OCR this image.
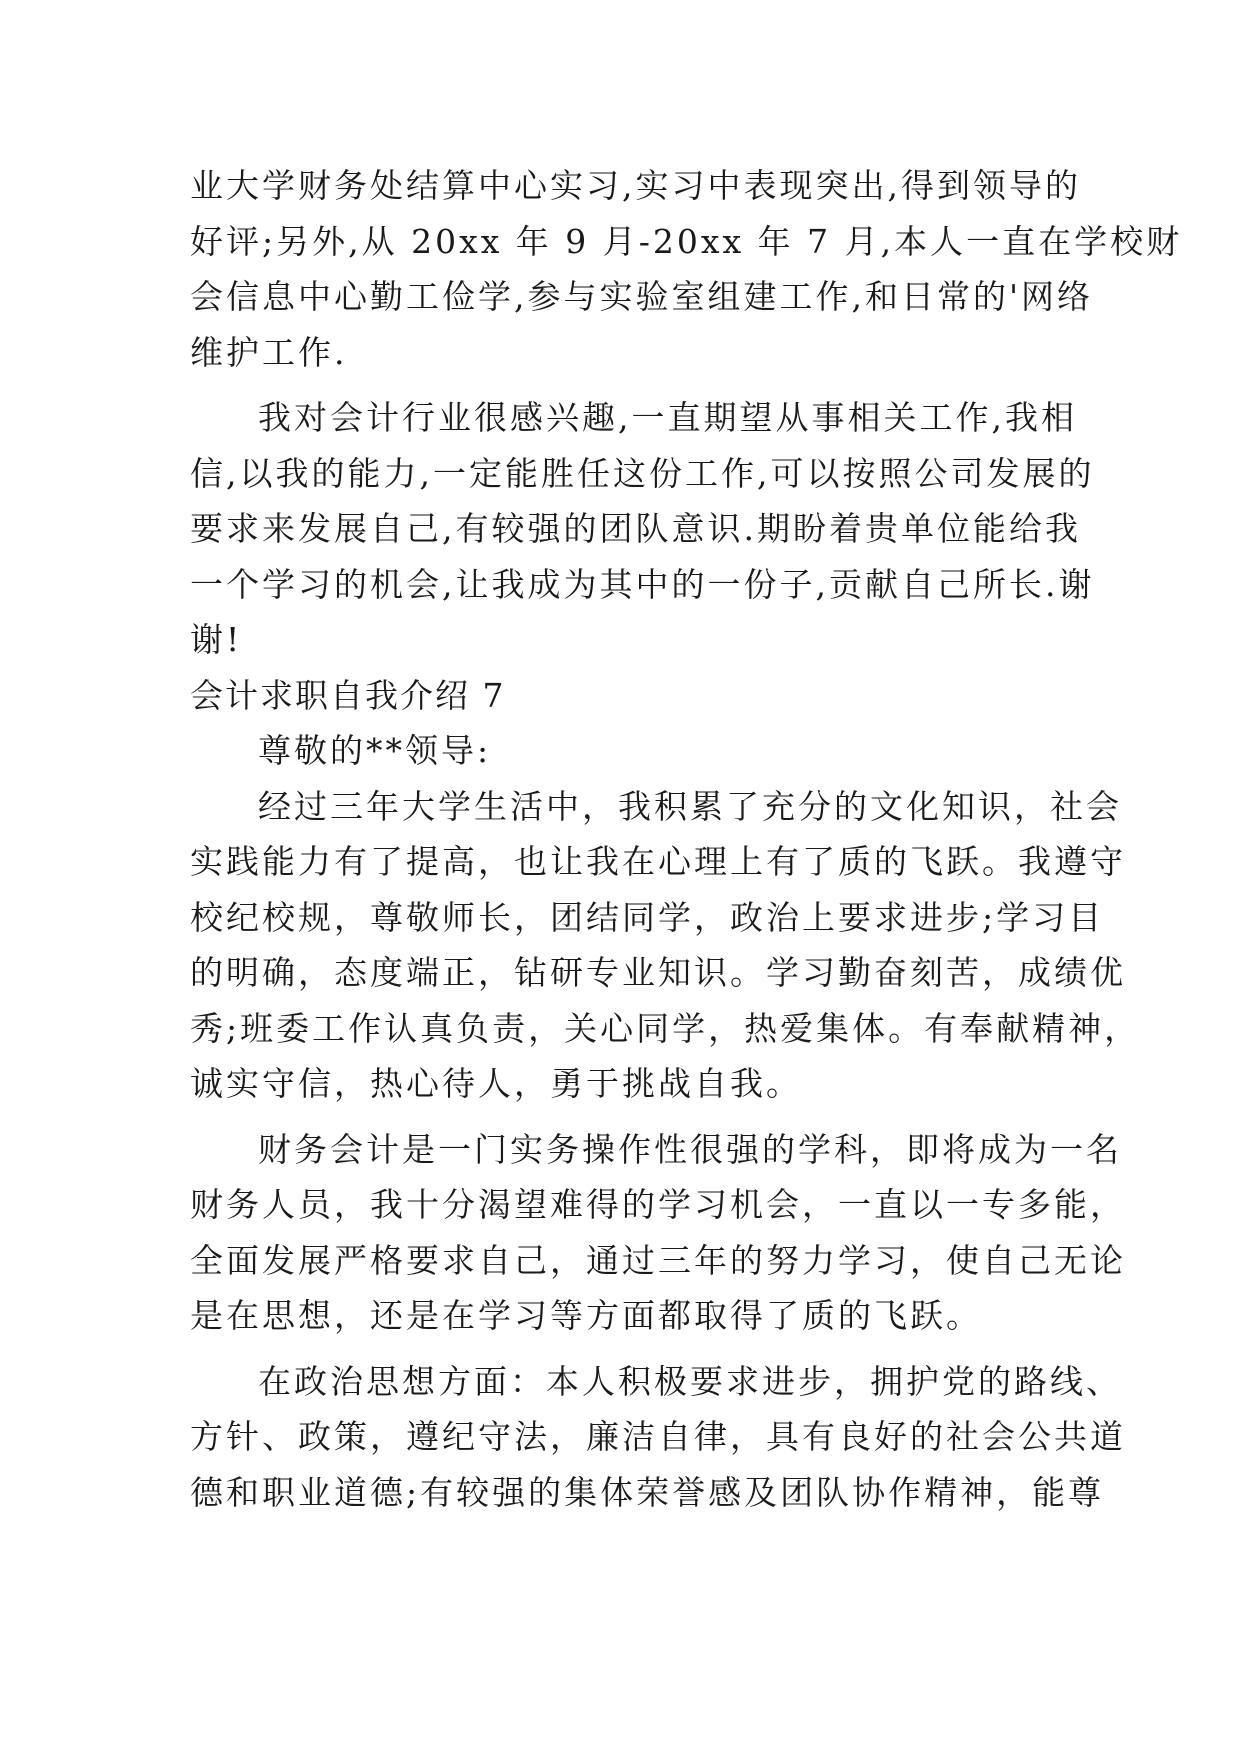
业大学财务处结算中心实习,实习中表现突出,得到领导的
好评;另外,从 20xx 年 9 月-20xx 年 7 月,本人一直在学校财
会信息中心勤工俭学,参与实验室组建工作,和日常的'网络
维护工作.
我对会计行业很感兴趣,一直期望从事相关工作,我相
信,以我的能力,一定能胜任这份工作,可以按照公司发展的
要求来发展自己,有较强的团队意识.期盼着贵单位能给我
一个学习的机会,让我成为其中的一份子,贡献自己所长.谢
谢!
会计求职自我介绍 7
尊敬的**领导:
经过三年大学生活中，我积累了充分的文化知识，社会
实践能力有了提高，也让我在心理上有了质的飞跃。我遵守
校纪校规，尊敬师长，团结同学，政治上要求进步;学习目
的明确，态度端正，钻研专业知识。学习勤奋刻苦，成绩优
秀;班委工作认真负责，关心同学，热爱集体。有奉献精神，
诚实守信，热心待人，勇于挑战自我。
财务会计是一门实务操作性很强的学科，即将成为一名
财务人员，我十分渴望难得的学习机会，一直以一专多能，
全面发展严格要求自己，通过三年的努力学习，使自己无论
是在思想，还是在学习等方面都取得了质的飞跃。
在政治思想方面：本人积极要求进步，拥护党的路线、
方针、政策，遵纪守法，廉洁自律，具有良好的社会公共道
德和职业道德;有较强的集体荣誉感及团队协作精神，能尊
